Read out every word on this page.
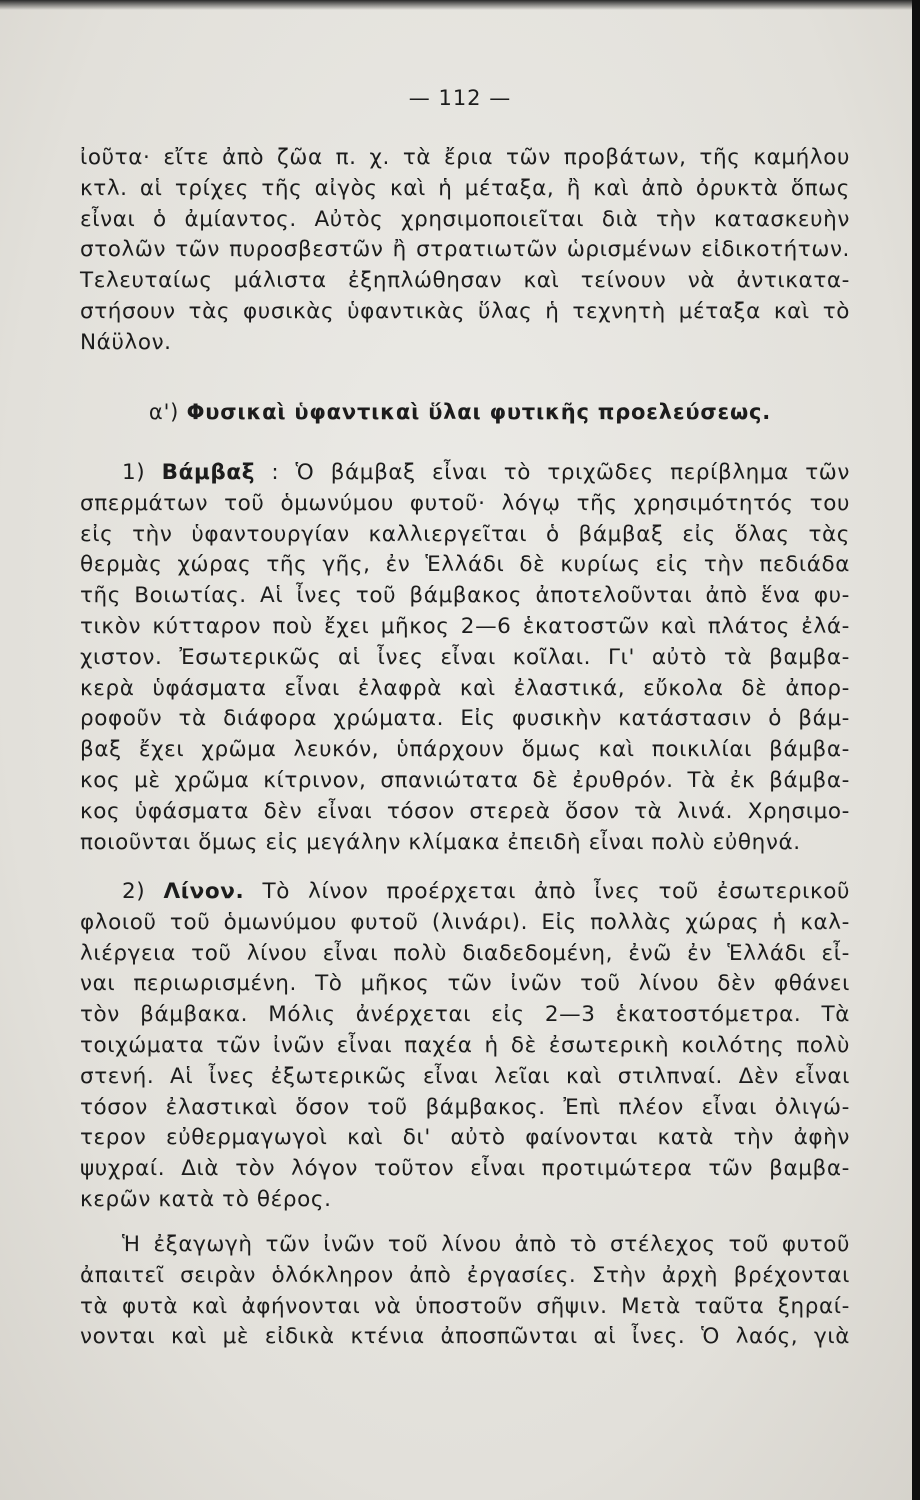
— 112 —
ἰοῦτα· εἴτε ἀπὸ ζῶα π. χ. τὰ ἔρια τῶν προβάτων, τῆς καμήλου
κτλ. αἱ τρίχες τῆς αἰγὸς καὶ ἡ μέταξα, ἢ καὶ ἀπὸ ὀρυκτὰ ὅπως
εἶναι ὁ ἀμίαντος. Αὐτὸς χρησιμοποιεῖται διὰ τὴν κατασκευὴν
στολῶν τῶν πυροσβεστῶν ἢ στρατιωτῶν ὡρισμένων εἰδικοτήτων.
Τελευταίως μάλιστα ἐξηπλώθησαν καὶ τείνουν νὰ ἀντικατα-
στήσουν τὰς φυσικὰς ὑφαντικὰς ὕλας ἡ τεχνητὴ μέταξα καὶ τὸ
Νάϋλον.
α') Φυσικαὶ ὑφαντικαὶ ὕλαι φυτικῆς προελεύσεως.
1) Βάμβαξ : Ὁ βάμβαξ εἶναι τὸ τριχῶδες περίβλημα τῶν
σπερμάτων τοῦ ὁμωνύμου φυτοῦ· λόγῳ τῆς χρησιμότητός του
εἰς τὴν ὑφαντουργίαν καλλιεργεῖται ὁ βάμβαξ εἰς ὅλας τὰς
θερμὰς χώρας τῆς γῆς, ἐν Ἑλλάδι δὲ κυρίως εἰς τὴν πεδιάδα
τῆς Βοιωτίας. Αἱ ἶνες τοῦ βάμβακος ἀποτελοῦνται ἀπὸ ἕνα φυ-
τικὸν κύτταρον ποὺ ἔχει μῆκος 2—6 ἑκατοστῶν καὶ πλάτος ἐλά-
χιστον. Ἐσωτερικῶς αἱ ἶνες εἶναι κοῖλαι. Γι' αὐτὸ τὰ βαμβα-
κερὰ ὑφάσματα εἶναι ἐλαφρὰ καὶ ἐλαστικά, εὔκολα δὲ ἀπορ-
ροφοῦν τὰ διάφορα χρώματα. Εἰς φυσικὴν κατάστασιν ὁ βάμ-
βαξ ἔχει χρῶμα λευκόν, ὑπάρχουν ὅμως καὶ ποικιλίαι βάμβα-
κος μὲ χρῶμα κίτρινον, σπανιώτατα δὲ ἐρυθρόν. Τὰ ἐκ βάμβα-
κος ὑφάσματα δὲν εἶναι τόσον στερεὰ ὅσον τὰ λινά. Χρησιμο-
ποιοῦνται ὅμως εἰς μεγάλην κλίμακα ἐπειδὴ εἶναι πολὺ εὐθηνά.
2) Λίνον. Τὸ λίνον προέρχεται ἀπὸ ἶνες τοῦ ἐσωτερικοῦ
φλοιοῦ τοῦ ὁμωνύμου φυτοῦ (λινάρι). Εἰς πολλὰς χώρας ἡ καλ-
λιέργεια τοῦ λίνου εἶναι πολὺ διαδεδομένη, ἐνῶ ἐν Ἑλλάδι εἶ-
ναι περιωρισμένη. Τὸ μῆκος τῶν ἰνῶν τοῦ λίνου δὲν φθάνει
τὸν βάμβακα. Μόλις ἀνέρχεται εἰς 2—3 ἑκατοστόμετρα. Τὰ
τοιχώματα τῶν ἰνῶν εἶναι παχέα ἡ δὲ ἐσωτερικὴ κοιλότης πολὺ
στενή. Αἱ ἶνες ἐξωτερικῶς εἶναι λεῖαι καὶ στιλπναί. Δὲν εἶναι
τόσον ἐλαστικαὶ ὅσον τοῦ βάμβακος. Ἐπὶ πλέον εἶναι ὀλιγώ-
τερον εὐθερμαγωγοὶ καὶ δι' αὐτὸ φαίνονται κατὰ τὴν ἀφὴν
ψυχραί. Διὰ τὸν λόγον τοῦτον εἶναι προτιμώτερα τῶν βαμβα-
κερῶν κατὰ τὸ θέρος.
Ἡ ἐξαγωγὴ τῶν ἰνῶν τοῦ λίνου ἀπὸ τὸ στέλεχος τοῦ φυτοῦ
ἀπαιτεῖ σειρὰν ὁλόκληρον ἀπὸ ἐργασίες. Στὴν ἀρχὴ βρέχονται
τὰ φυτὰ καὶ ἀφήνονται νὰ ὑποστοῦν σῆψιν. Μετὰ ταῦτα ξηραί-
νονται καὶ μὲ εἰδικὰ κτένια ἀποσπῶνται αἱ ἶνες. Ὁ λαός, γιὰ
